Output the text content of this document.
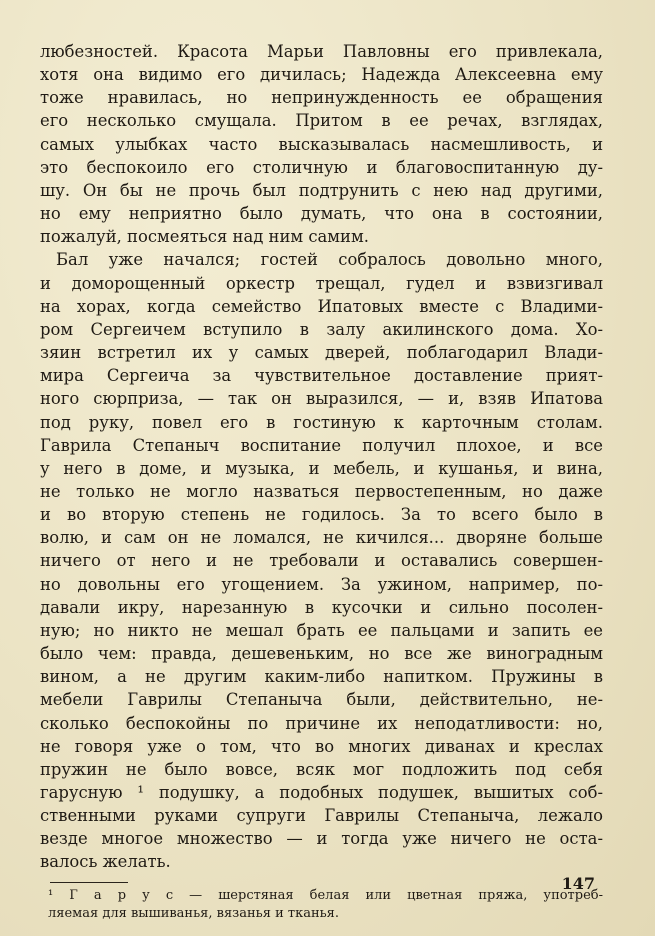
любезностей. Красота Марьи Павловны его привлекала,
хотя она видимо его дичилась; Надежда Алексеевна ему
тоже нравилась, но непринужденность ее обращения
его несколько смущала. Притом в ее речах, взглядах,
самых улыбках часто высказывалась насмешливость, и
это беспокоило его столичную и благовоспитанную ду-
шу. Он бы не прочь был подтрунить с нею над другими,
но ему неприятно было думать, что она в состоянии,
пожалуй, посмеяться над ним самим.
Бал уже начался; гостей собралось довольно много,
и доморощенный оркестр трещал, гудел и взвизгивал
на хорах, когда семейство Ипатовых вместе с Владими-
ром Сергеичем вступило в залу акилинского дома. Хо-
зяин встретил их у самых дверей, поблагодарил Влади-
мира Сергеича за чувствительное доставление прият-
ного сюрприза, — так он выразился, — и, взяв Ипатова
под руку, повел его в гостиную к карточным столам.
Гаврила Степаныч воспитание получил плохое, и все
у него в доме, и музыка, и мебель, и кушанья, и вина,
не только не могло назваться первостепенным, но даже
и во вторую степень не годилось. За то всего было в
волю, и сам он не ломался, не кичился... дворяне больше
ничего от него и не требовали и оставались совершен-
но довольны его угощением. За ужином, например, по-
давали икру, нарезанную в кусочки и сильно посолен-
ную; но никто не мешал брать ее пальцами и запить ее
было чем: правда, дешевеньким, но все же виноградным
вином, а не другим каким-либо напитком. Пружины в
мебели Гаврилы Степаныча были, действительно, не-
сколько беспокойны по причине их неподатливости: но,
не говоря уже о том, что во многих диванах и креслах
пружин не было вовсе, всяк мог подложить под себя
гарусную ¹ подушку, а подобных подушек, вышитых соб-
ственными руками супруги Гаврилы Степаныча, лежало
везде многое множество — и тогда уже ничего не оста-
валось желать.
¹ Г а р у с — шерстяная белая или цветная пряжа, употреб-
ляемая для вышиванья, вязанья и тканья.
147
